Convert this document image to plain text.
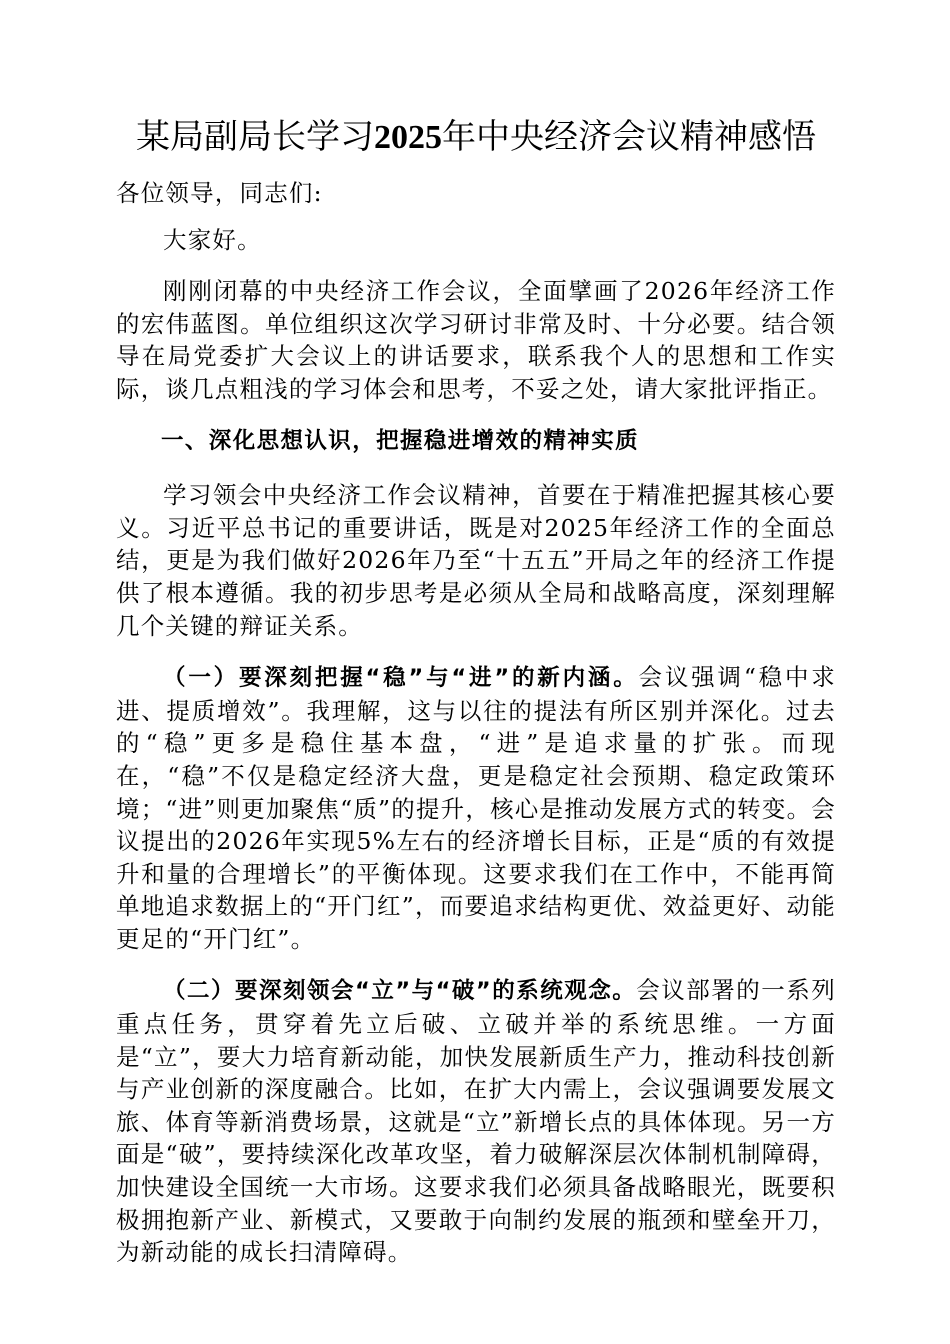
某局副局长学习2025年中央经济会议精神感悟

各位领导，同志们:

大家好。

刚刚闭幕的中央经济工作会议，全面擘画了2026年经济工作的宏伟蓝图。单位组织这次学习研讨非常及时、十分必要。结合领导在局党委扩大会议上的讲话要求，联系我个人的思想和工作实际，谈几点粗浅的学习体会和思考，不妥之处，请大家批评指正。

一、深化思想认识，把握稳进增效的精神实质

学习领会中央经济工作会议精神，首要在于精准把握其核心要义。习近平总书记的重要讲话，既是对2025年经济工作的全面总结，更是为我们做好2026年乃至“十五五”开局之年的经济工作提供了根本遵循。我的初步思考是必须从全局和战略高度，深刻理解几个关键的辩证关系。

（一）要深刻把握“稳”与“进”的新内涵。会议强调“稳中求进、提质增效”。我理解，这与以往的提法有所区别并深化。过去的“稳”更多是稳住基本盘，“进”是追求量的扩张。而现在，“稳”不仅是稳定经济大盘，更是稳定社会预期、稳定政策环境；“进”则更加聚焦“质”的提升，核心是推动发展方式的转变。会议提出的2026年实现5%左右的经济增长目标，正是“质的有效提升和量的合理增长”的平衡体现。这要求我们在工作中，不能再简单地追求数据上的“开门红”，而要追求结构更优、效益更好、动能更足的“开门红”。

（二）要深刻领会“立”与“破”的系统观念。会议部署的一系列重点任务，贯穿着先立后破、立破并举的系统思维。一方面是“立”，要大力培育新动能，加快发展新质生产力，推动科技创新与产业创新的深度融合。比如，在扩大内需上，会议强调要发展文旅、体育等新消费场景，这就是“立”新增长点的具体体现。另一方面是“破”，要持续深化改革攻坚，着力破解深层次体制机制障碍，加快建设全国统一大市场。这要求我们必须具备战略眼光，既要积极拥抱新产业、新模式，又要敢于向制约发展的瓶颈和壁垒开刀，为新动能的成长扫清障碍。
